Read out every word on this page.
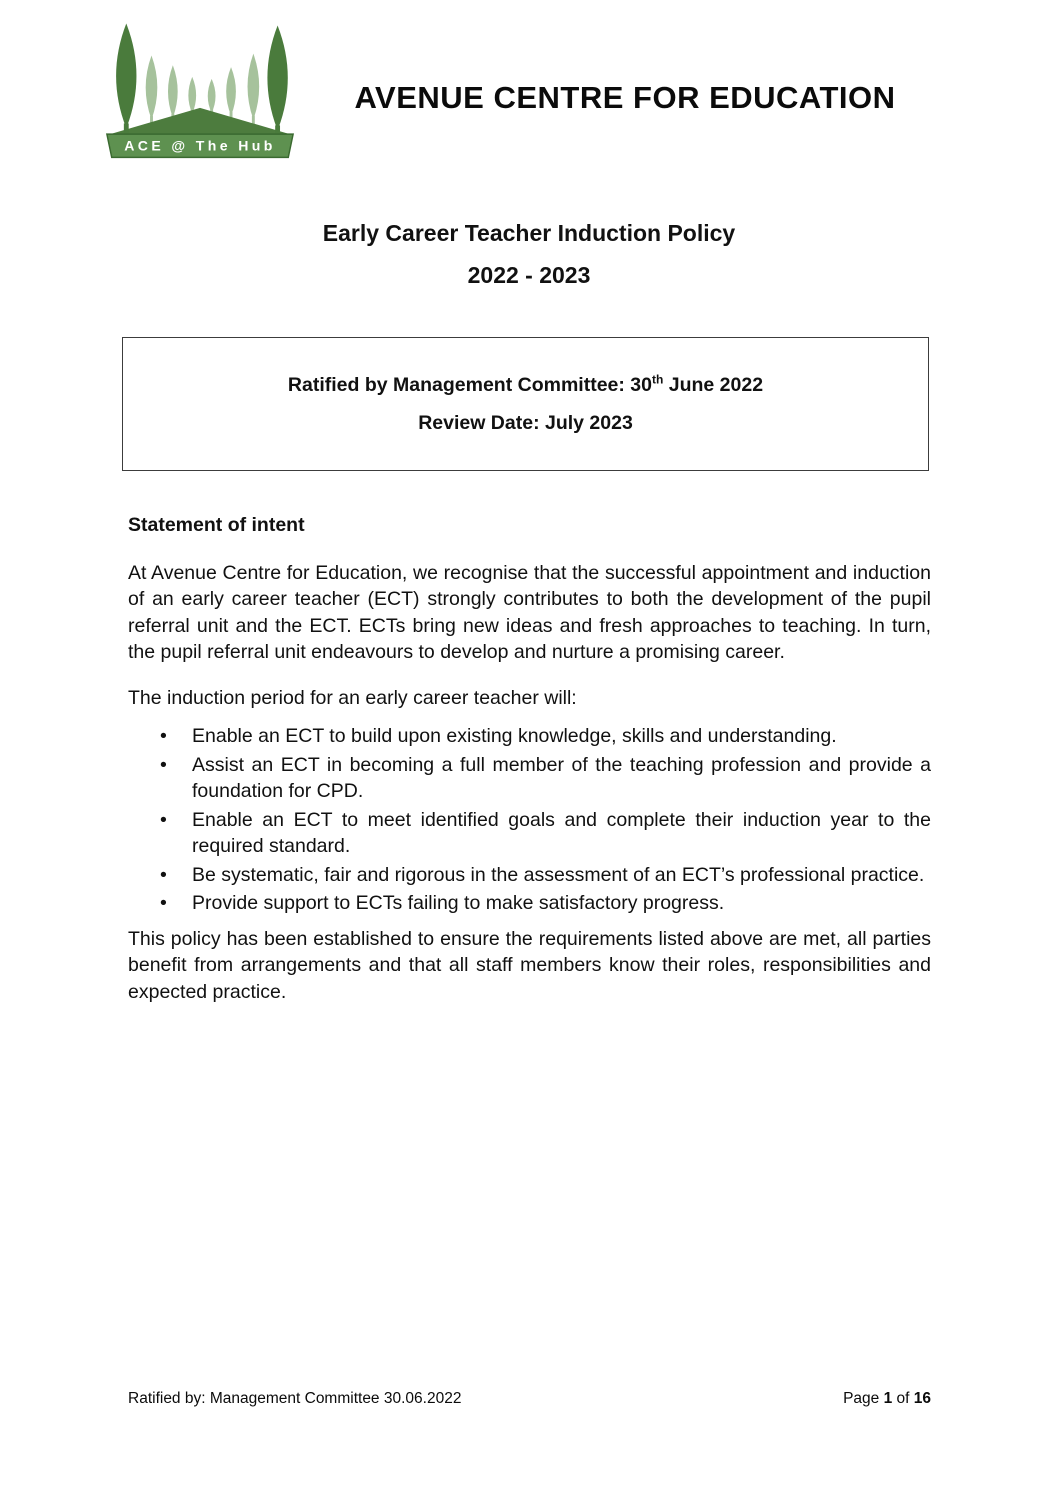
ACE @ The Hub
AVENUE CENTRE FOR EDUCATION
Early Career Teacher Induction Policy
2022 - 2023

Ratified by Management Committee: 30th June 2022

Review Date: July 2023

Statement of intent

At Avenue Centre for Education, we recognise that the successful appointment and induction of an early career teacher (ECT) strongly contributes to both the development of the pupil referral unit and the ECT. ECTs bring new ideas and fresh approaches to teaching. In turn, the pupil referral unit endeavours to develop and nurture a promising career.

The induction period for an early career teacher will:

• Enable an ECT to build upon existing knowledge, skills and understanding.
• Assist an ECT in becoming a full member of the teaching profession and provide a foundation for CPD.
• Enable an ECT to meet identified goals and complete their induction year to the required standard.
• Be systematic, fair and rigorous in the assessment of an ECT’s professional practice.
• Provide support to ECTs failing to make satisfactory progress.

This policy has been established to ensure the requirements listed above are met, all parties benefit from arrangements and that all staff members know their roles, responsibilities and expected practice.

Ratified by: Management Committee 30.06.2022	Page 1 of 16
